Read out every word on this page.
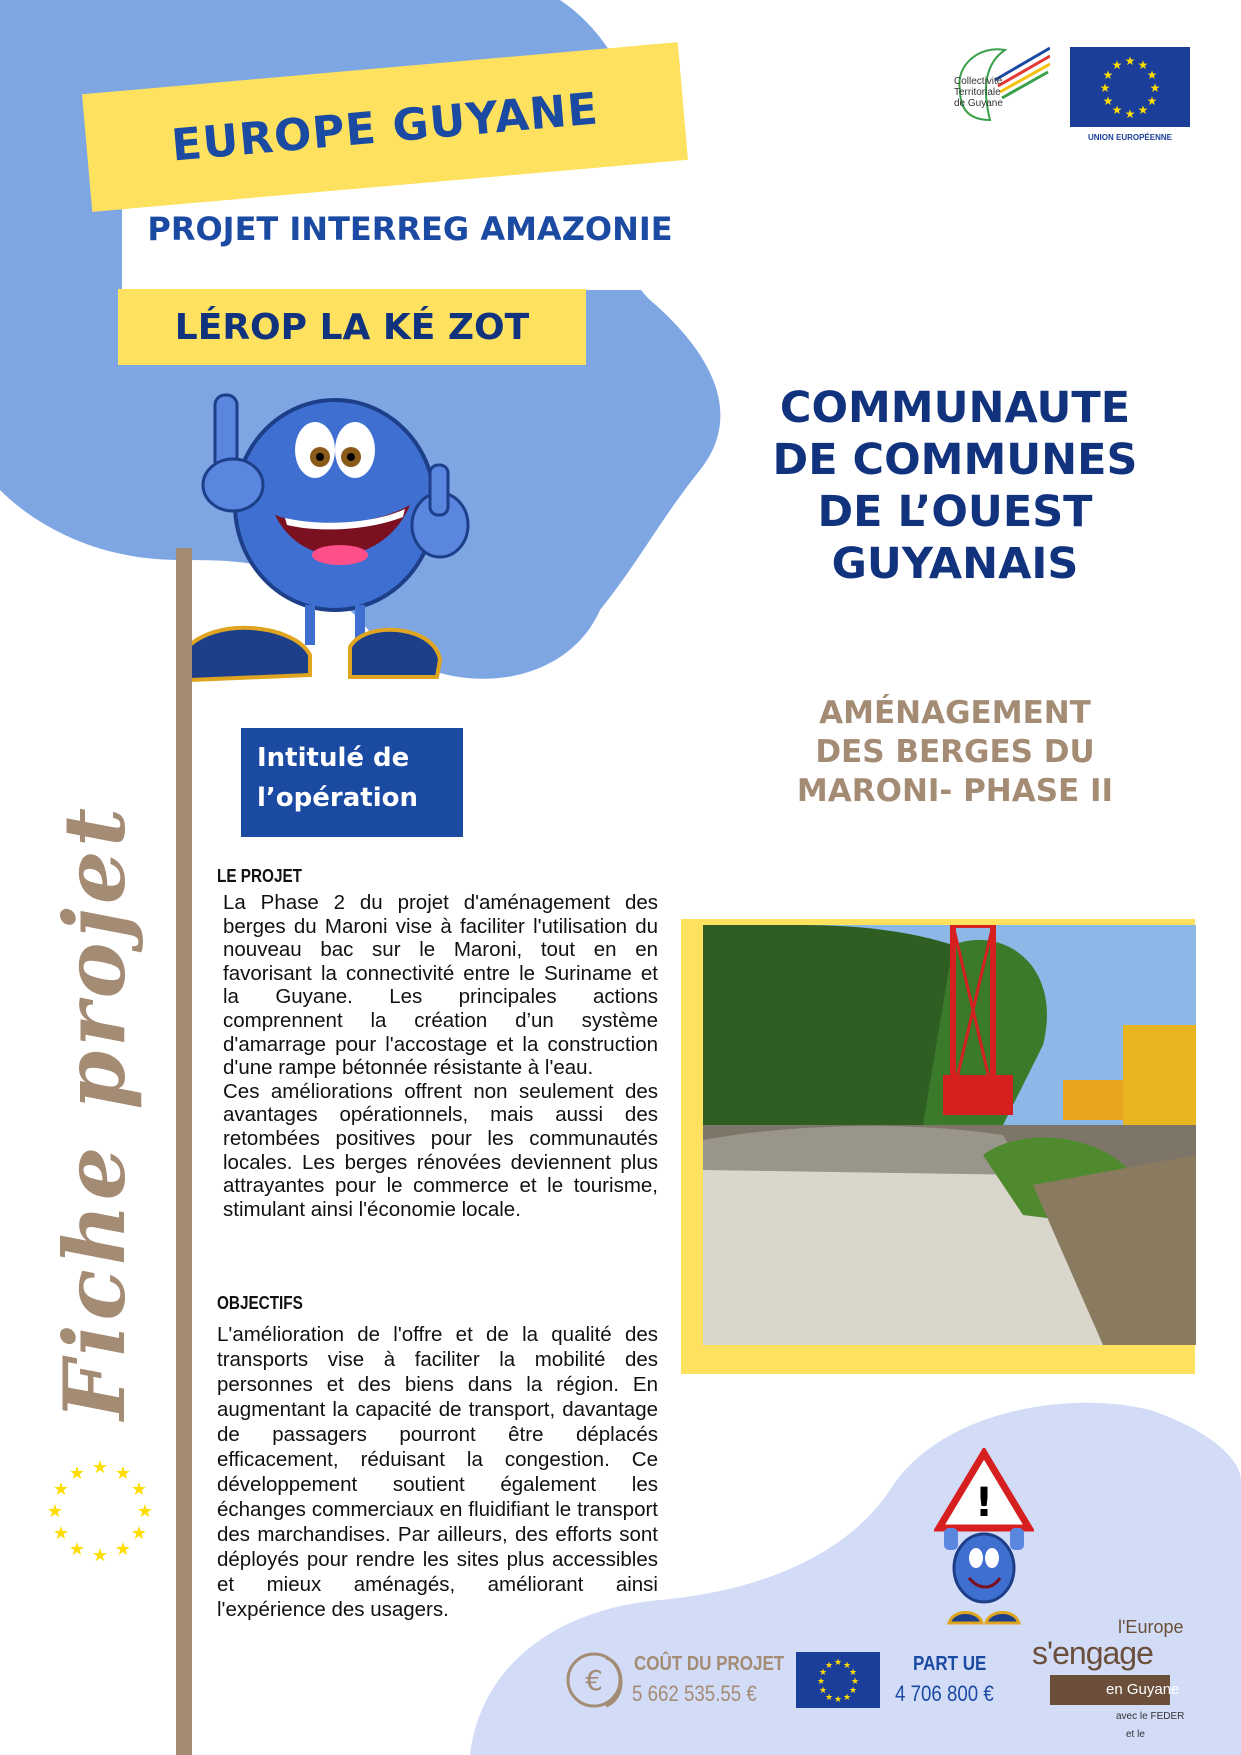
EUROPE GUYANE
PROJET INTERREG AMAZONIE
LÉROP LA KÉ ZOT
Collectivité
Territoriale
de Guyane
★ ★
★
★
★
★
★
★
★
★
★
★
UNION EUROPÉENNE
Fiche projet
★ ★
★
★
★
★
★
★
★
★
★
★
COMMUNAUTE
DE COMMUNES
DE L’OUEST
GUYANAIS
Intitulé de
l’opération
AMÉNAGEMENT
DES BERGES DU
MARONI- PHASE II
LE PROJET

La Phase 2 du projet d'aménagement des berges du Maroni vise à faciliter l'utilisation du nouveau bac sur le Maroni, tout en en favorisant la connectivité entre le Suriname et la Guyane. Les principales actions comprennent la création d’un système d'amarrage pour l'accostage et la construction d'une rampe bétonnée résistante à l'eau.

Ces améliorations offrent non seulement des avantages opérationnels, mais aussi des retombées positives pour les communautés locales. Les berges rénovées deviennent plus attrayantes pour le commerce et le tourisme, stimulant ainsi l'économie locale.

OBJECTIFS

L'amélioration de l'offre et de la qualité des transports vise à faciliter la mobilité des personnes et des biens dans la région. En augmentant la capacité de transport, davantage de passagers pourront être déplacés efficacement, réduisant la congestion. Ce développement soutient également les échanges commerciaux en fluidifiant le transport des marchandises. Par ailleurs, des efforts sont déployés pour rendre les sites plus accessibles et mieux aménagés, améliorant ainsi l'expérience des usagers.

!
€ COÛT DU PROJET
5 662 535.55 €
★ ★
★
★
★
★
★
★
★
★
★
★	PART UE
4 706 800 €
l'Europe
s'engage
en Guyane
avec le FEDER
et le
